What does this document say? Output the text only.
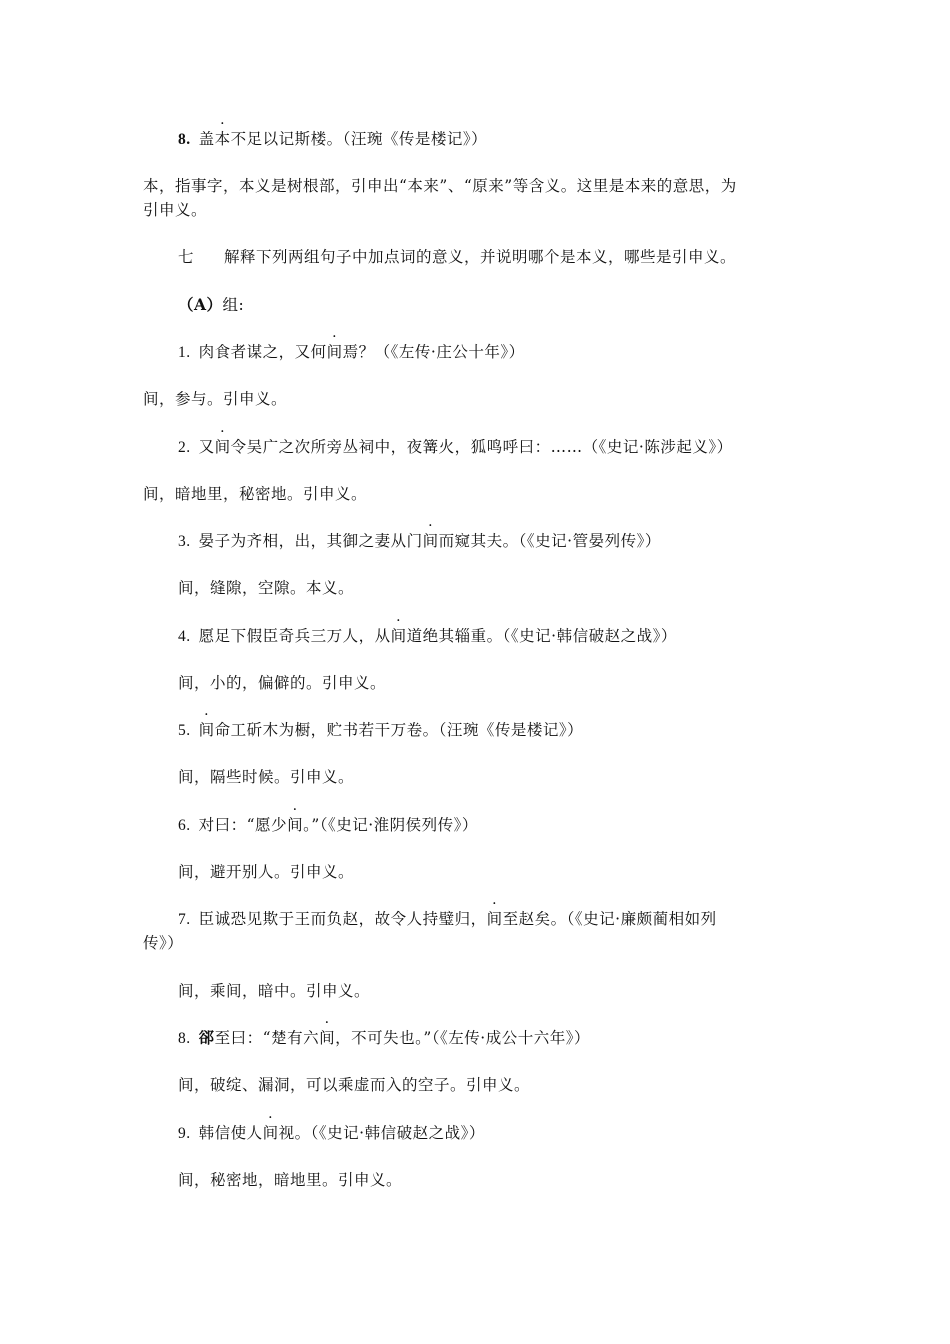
8. 盖本不足以记斯楼。（汪琬《传是楼记》）
本，指事字，本义是树根部，引申出“本来”、“原来”等含义。这里是本来的意思，为
引申义。
七 解释下列两组句子中加点词的意义，并说明哪个是本义，哪些是引申义。
（A）组:
1. 肉食者谋之，又何间焉？（《左传·庄公十年》）
间，参与。引申义。
2. 又间令吴广之次所旁丛祠中，夜篝火，狐鸣呼曰：……（《史记·陈涉起义》）
间，暗地里，秘密地。引申义。
3. 晏子为齐相，出，其御之妻从门间而窥其夫。（《史记·管晏列传》）
间，缝隙，空隙。本义。
4. 愿足下假臣奇兵三万人，从间道绝其辎重。（《史记·韩信破赵之战》）
间，小的，偏僻的。引申义。
5. 间命工斫木为橱，贮书若干万卷。（汪琬《传是楼记》）
间，隔些时候。引申义。
6. 对曰：“愿少间。”（《史记·淮阴侯列传》）
间，避开别人。引申义。
7. 臣诚恐见欺于王而负赵，故令人持璧归，间至赵矣。（《史记·廉颇蔺相如列
传》）
间，乘间，暗中。引申义。
8. 郤至曰：“楚有六间，不可失也。”（《左传·成公十六年》）
间，破绽、漏洞，可以乘虚而入的空子。引申义。
9. 韩信使人间视。（《史记·韩信破赵之战》）
间，秘密地，暗地里。引申义。
